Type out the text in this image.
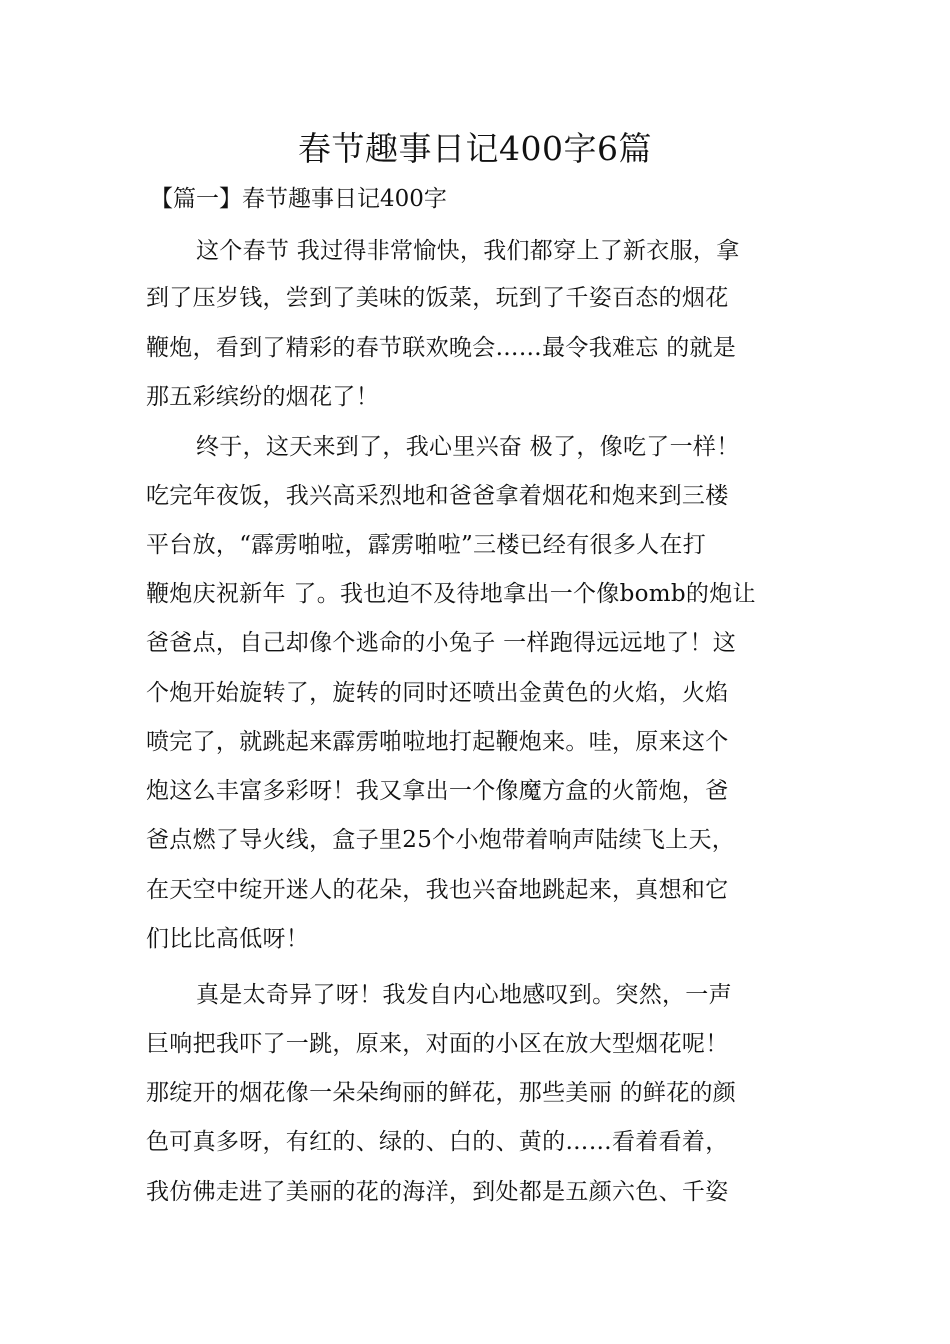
春节趣事日记400字6篇
【篇一】春节趣事日记400字
这个春节 我过得非常愉快，我们都穿上了新衣服，拿
到了压岁钱，尝到了美味的饭菜，玩到了千姿百态的烟花
鞭炮，看到了精彩的春节联欢晚会……最令我难忘 的就是
那五彩缤纷的烟花了！
终于，这天来到了，我心里兴奋 极了，像吃了一样！
吃完年夜饭，我兴高采烈地和爸爸拿着烟花和炮来到三楼
平台放，“霹雳啪啦，霹雳啪啦”三楼已经有很多人在打
鞭炮庆祝新年 了。我也迫不及待地拿出一个像bomb的炮让
爸爸点，自己却像个逃命的小兔子 一样跑得远远地了！这
个炮开始旋转了，旋转的同时还喷出金黄色的火焰，火焰
喷完了，就跳起来霹雳啪啦地打起鞭炮来。哇，原来这个
炮这么丰富多彩呀！我又拿出一个像魔方盒的火箭炮，爸
爸点燃了导火线，盒子里25个小炮带着响声陆续飞上天，
在天空中绽开迷人的花朵，我也兴奋地跳起来，真想和它
们比比高低呀！
真是太奇异了呀！我发自内心地感叹到。突然，一声
巨响把我吓了一跳，原来，对面的小区在放大型烟花呢！
那绽开的烟花像一朵朵绚丽的鲜花，那些美丽 的鲜花的颜
色可真多呀，有红的、绿的、白的、黄的……看着看着，
我仿佛走进了美丽的花的海洋，到处都是五颜六色、千姿
